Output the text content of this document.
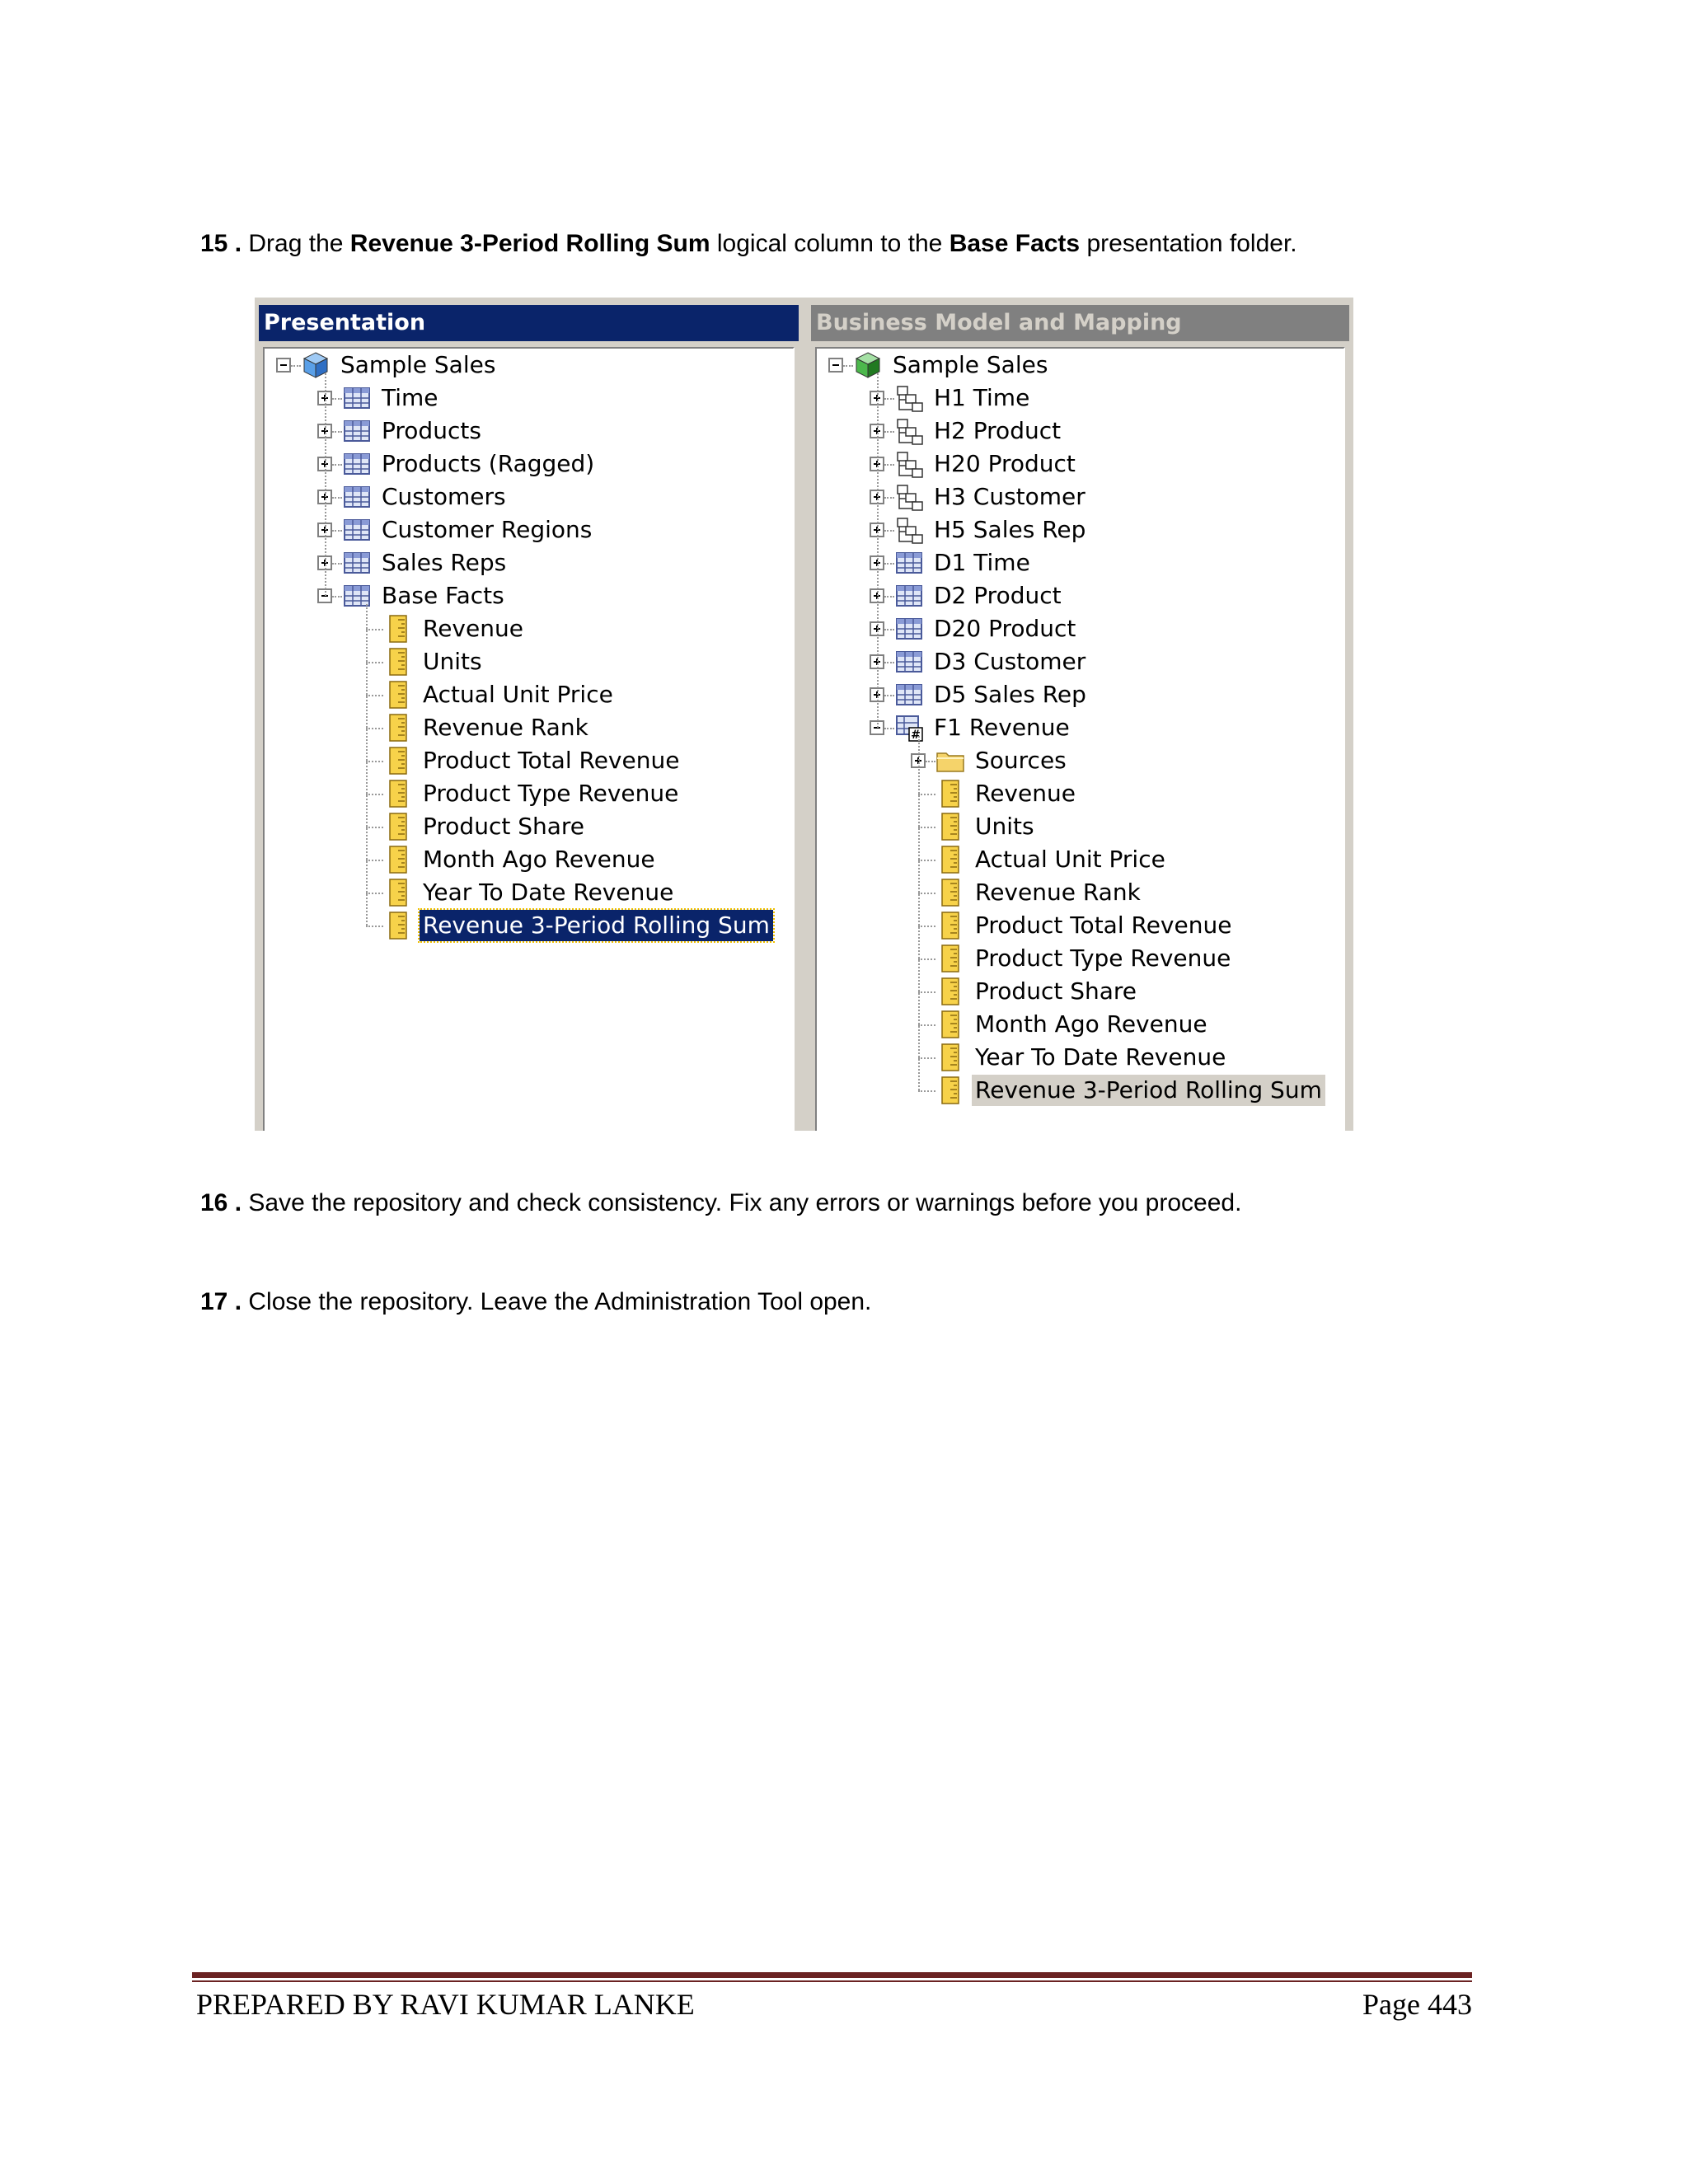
15 . Drag the Revenue 3-Period Rolling Sum logical column to the Base Facts presentation folder.
Presentation
Sample Sales
Time
Products
Products (Ragged)
Customers
Customer Regions
Sales Reps
Base Facts
Revenue
Units
Actual Unit Price
Revenue Rank
Product Total Revenue
Product Type Revenue
Product Share
Month Ago Revenue
Year To Date Revenue
Revenue 3-Period Rolling Sum
Business Model and Mapping
Sample Sales
H1 Time
H2 Product
H20 Product
H3 Customer
H5 Sales Rep
D1 Time
D2 Product
D20 Product
D3 Customer
D5 Sales Rep
# F1 Revenue
Sources
Revenue
Units
Actual Unit Price
Revenue Rank
Product Total Revenue
Product Type Revenue
Product Share
Month Ago Revenue
Year To Date Revenue
Revenue 3-Period Rolling Sum
16 . Save the repository and check consistency. Fix any errors or warnings before you proceed.
17 . Close the repository. Leave the Administration Tool open.
PREPARED BY RAVI KUMAR LANKE	Page 443
